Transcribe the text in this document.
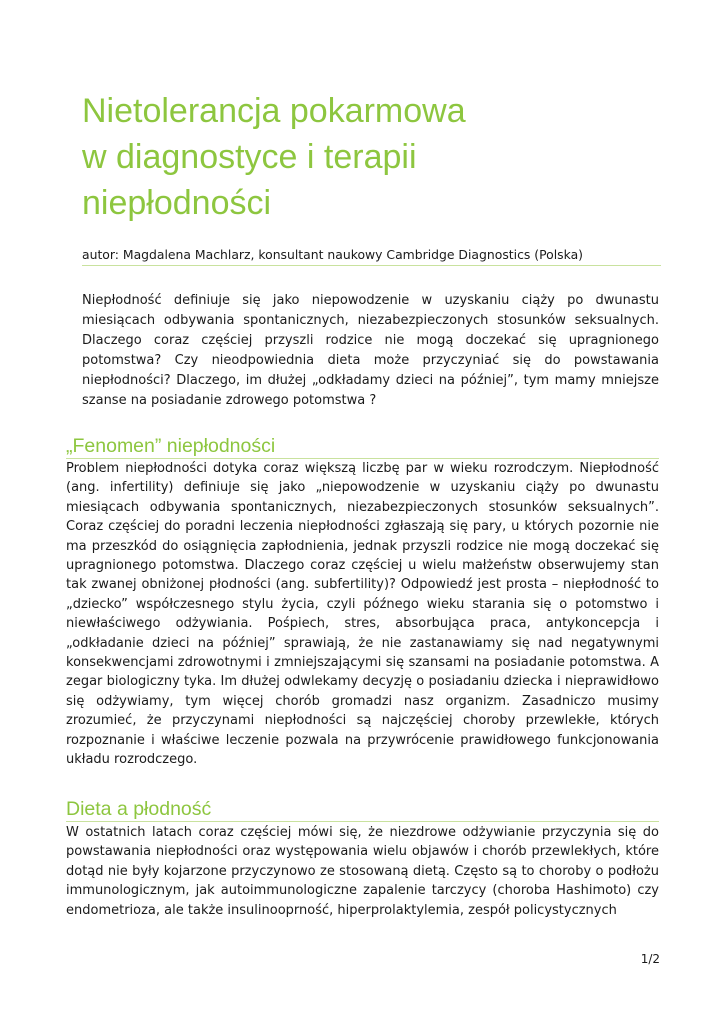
Nietolerancja pokarmowa
w diagnostyce i terapii
niepłodności
autor: Magdalena Machlarz, konsultant naukowy Cambridge Diagnostics (Polska)

Niepłodność definiuje się jako niepowodzenie w uzyskaniu ciąży po dwunastu miesiącach odbywania spontanicznych, niezabezpieczonych stosunków seksualnych. Dlaczego coraz częściej przyszli rodzice nie mogą doczekać się upragnionego potomstwa? Czy nieodpowiednia dieta może przyczyniać się do powstawania niepłodności? Dlaczego, im dłużej „odkładamy dzieci na później”, tym mamy mniejsze szanse na posiadanie zdrowego potomstwa ?

„Fenomen” niepłodności

Problem niepłodności dotyka coraz większą liczbę par w wieku rozrodczym. Niepłodność (ang. infertility) definiuje się jako „niepowodzenie w uzyskaniu ciąży po dwunastu miesiącach odbywania spontanicznych, niezabezpieczonych stosunków seksualnych”. Coraz częściej do poradni leczenia niepłodności zgłaszają się pary, u których pozornie nie ma przeszkód do osiągnięcia zapłodnienia, jednak przyszli rodzice nie mogą doczekać się upragnionego potomstwa. Dlaczego coraz częściej u wielu małżeństw obserwujemy stan tak zwanej obniżonej płodności (ang. subfertility)? Odpowiedź jest prosta – niepłodność to „dziecko” współczesnego stylu życia, czyli późnego wieku starania się o potomstwo i niewłaściwego odżywiania. Pośpiech, stres, absorbująca praca, antykoncepcja i „odkładanie dzieci na później” sprawiają, że nie zastanawiamy się nad negatywnymi konsekwencjami zdrowotnymi i zmniejszającymi się szansami na posiadanie potomstwa. A zegar biologiczny tyka. Im dłużej odwlekamy decyzję o posiadaniu dziecka i nieprawidłowo się odżywiamy, tym więcej chorób gromadzi nasz organizm. Zasadniczo musimy zrozumieć, że przyczynami niepłodności są najczęściej choroby przewlekłe, których rozpoznanie i właściwe leczenie pozwala na przywrócenie prawidłowego funkcjonowania układu rozrodczego.

Dieta a płodność

W ostatnich latach coraz częściej mówi się, że niezdrowe odżywianie przyczynia się do powstawania niepłodności oraz występowania wielu objawów i chorób przewlekłych, które dotąd nie były kojarzone przyczynowo ze stosowaną dietą. Często są to choroby o podłożu immunologicznym, jak autoimmunologiczne zapalenie tarczycy (choroba Hashimoto) czy endometrioza, ale także insulinooprność, hiperprolaktylemia, zespół policystycznych

1/2
